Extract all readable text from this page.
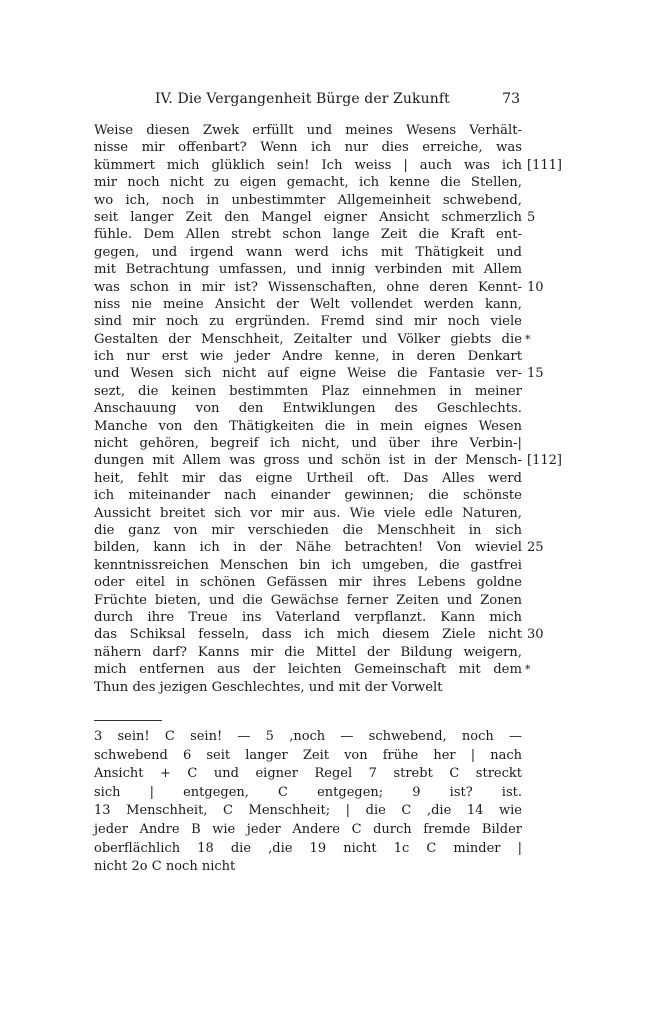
IV. Die Vergangenheit Bürge der Zukunft	73
Weise diesen Zwek erfüllt und meines Wesens Verhält-
nisse mir offenbart? Wenn ich nur dies erreiche, was
kümmert mich glüklich sein! Ich weiss | auch was ich
mir noch nicht zu eigen gemacht, ich kenne die Stellen,
wo ich, noch in unbestimmter Allgemeinheit schwebend,
seit langer Zeit den Mangel eigner Ansicht schmerzlich
fühle. Dem Allen strebt schon lange Zeit die Kraft ent-
gegen, und irgend wann werd ichs mit Thätigkeit und
mit Betrachtung umfassen, und innig verbinden mit Allem
was schon in mir ist? Wissenschaften, ohne deren Kennt-
niss nie meine Ansicht der Welt vollendet werden kann,
sind mir noch zu ergründen. Fremd sind mir noch viele
Gestalten der Menschheit, Zeitalter und Völker giebts die
ich nur erst wie jeder Andre kenne, in deren Denkart
und Wesen sich nicht auf eigne Weise die Fantasie ver-
sezt, die keinen bestimmten Plaz einnehmen in meiner
Anschauung von den Entwiklungen des Geschlechts.
Manche von den Thätigkeiten die in mein eignes Wesen
nicht gehören, begreif ich nicht, und über ihre Verbin-|
dungen mit Allem was gross und schön ist in der Mensch-
heit, fehlt mir das eigne Urtheil oft. Das Alles werd
ich miteinander nach einander gewinnen; die schönste
Aussicht breitet sich vor mir aus. Wie viele edle Naturen,
die ganz von mir verschieden die Menschheit in sich
bilden, kann ich in der Nähe betrachten! Von wieviel
kenntnissreichen Menschen bin ich umgeben, die gastfrei
oder eitel in schönen Gefässen mir ihres Lebens goldne
Früchte bieten, und die Gewächse ferner Zeiten und Zonen
durch ihre Treue ins Vaterland verpflanzt. Kann mich
das Schiksal fesseln, dass ich mich diesem Ziele nicht
nähern darf? Kanns mir die Mittel der Bildung weigern,
mich entfernen aus der leichten Gemeinschaft mit dem
Thun des jezigen Geschlechtes, und mit der Vorwelt
[111]
5
10
*
15
[112]
25
30
*
3 sein! C sein! — 5 ,noch — schwebend, noch —
schwebend 6 seit langer Zeit von frühe her | nach
Ansicht + C und eigner Regel 7 strebt C streckt
sich | entgegen, C entgegen; 9 ist? ist.
13 Menschheit, C Menschheit; | die C ,die 14 wie
jeder Andre B wie jeder Andere C durch fremde Bilder
oberflächlich 18 die ,die 19 nicht 1c C minder |
nicht 2o C noch nicht
